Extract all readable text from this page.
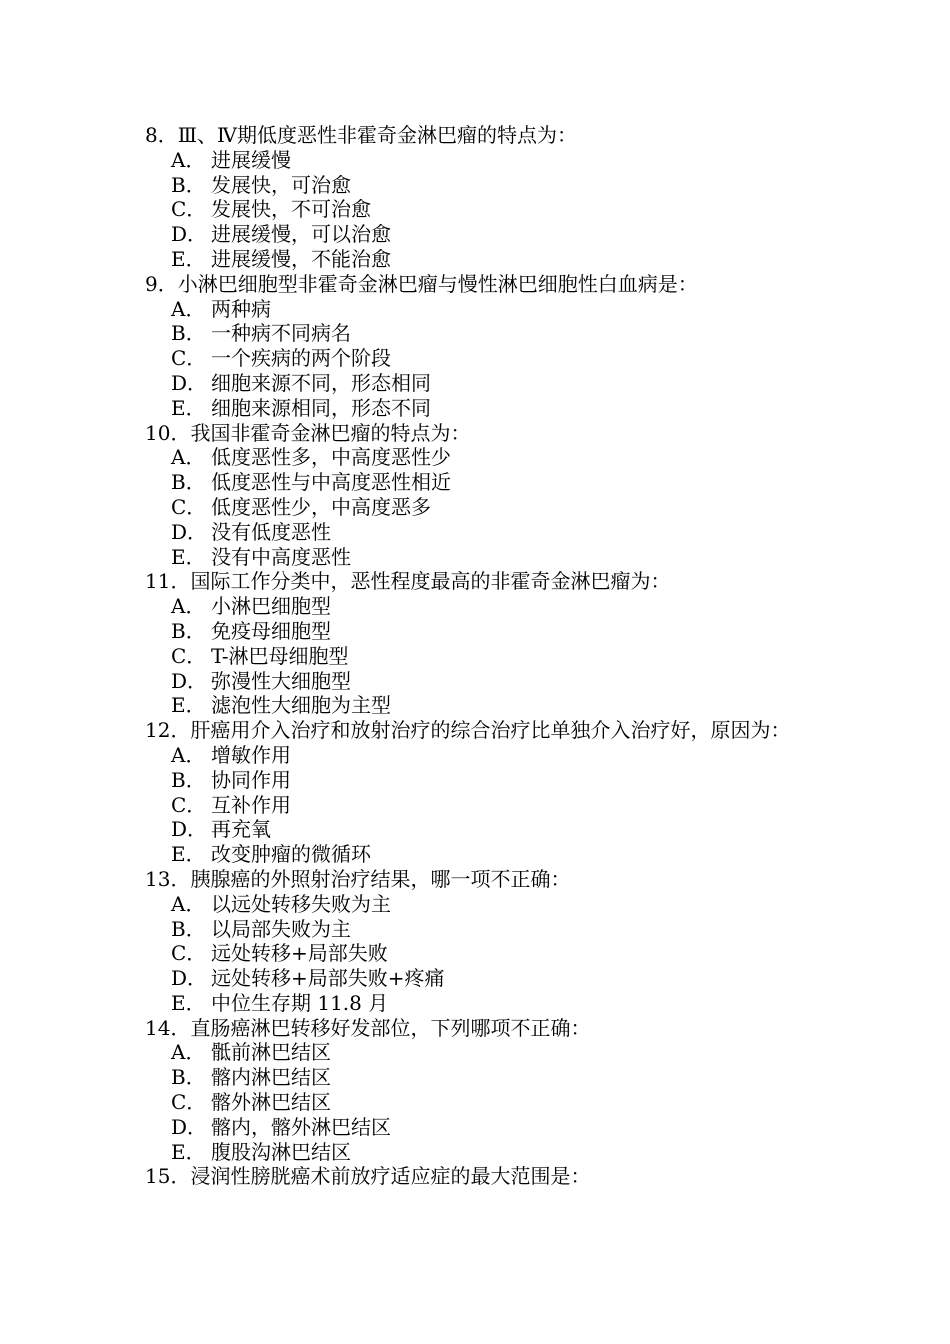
8．Ⅲ、Ⅳ期低度恶性非霍奇金淋巴瘤的特点为：
A． 进展缓慢
B． 发展快，可治愈
C． 发展快，不可治愈
D． 进展缓慢，可以治愈
E． 进展缓慢，不能治愈
9．小淋巴细胞型非霍奇金淋巴瘤与慢性淋巴细胞性白血病是：
A． 两种病
B． 一种病不同病名
C． 一个疾病的两个阶段
D． 细胞来源不同，形态相同
E． 细胞来源相同，形态不同
10．我国非霍奇金淋巴瘤的特点为：
A． 低度恶性多，中高度恶性少
B． 低度恶性与中高度恶性相近
C． 低度恶性少，中高度恶多
D． 没有低度恶性
E． 没有中高度恶性
11．国际工作分类中，恶性程度最高的非霍奇金淋巴瘤为：
A． 小淋巴细胞型
B． 免疫母细胞型
C． T-淋巴母细胞型
D． 弥漫性大细胞型
E． 滤泡性大细胞为主型
12．肝癌用介入治疗和放射治疗的综合治疗比单独介入治疗好，原因为：
A． 增敏作用
B． 协同作用
C． 互补作用
D． 再充氧
E． 改变肿瘤的微循环
13．胰腺癌的外照射治疗结果，哪一项不正确：
A． 以远处转移失败为主
B． 以局部失败为主
C． 远处转移+局部失败
D． 远处转移+局部失败+疼痛
E． 中位生存期 11.8 月
14．直肠癌淋巴转移好发部位，下列哪项不正确：
A． 骶前淋巴结区
B． 髂内淋巴结区
C． 髂外淋巴结区
D． 髂内，髂外淋巴结区
E． 腹股沟淋巴结区
15．浸润性膀胱癌术前放疗适应症的最大范围是：
